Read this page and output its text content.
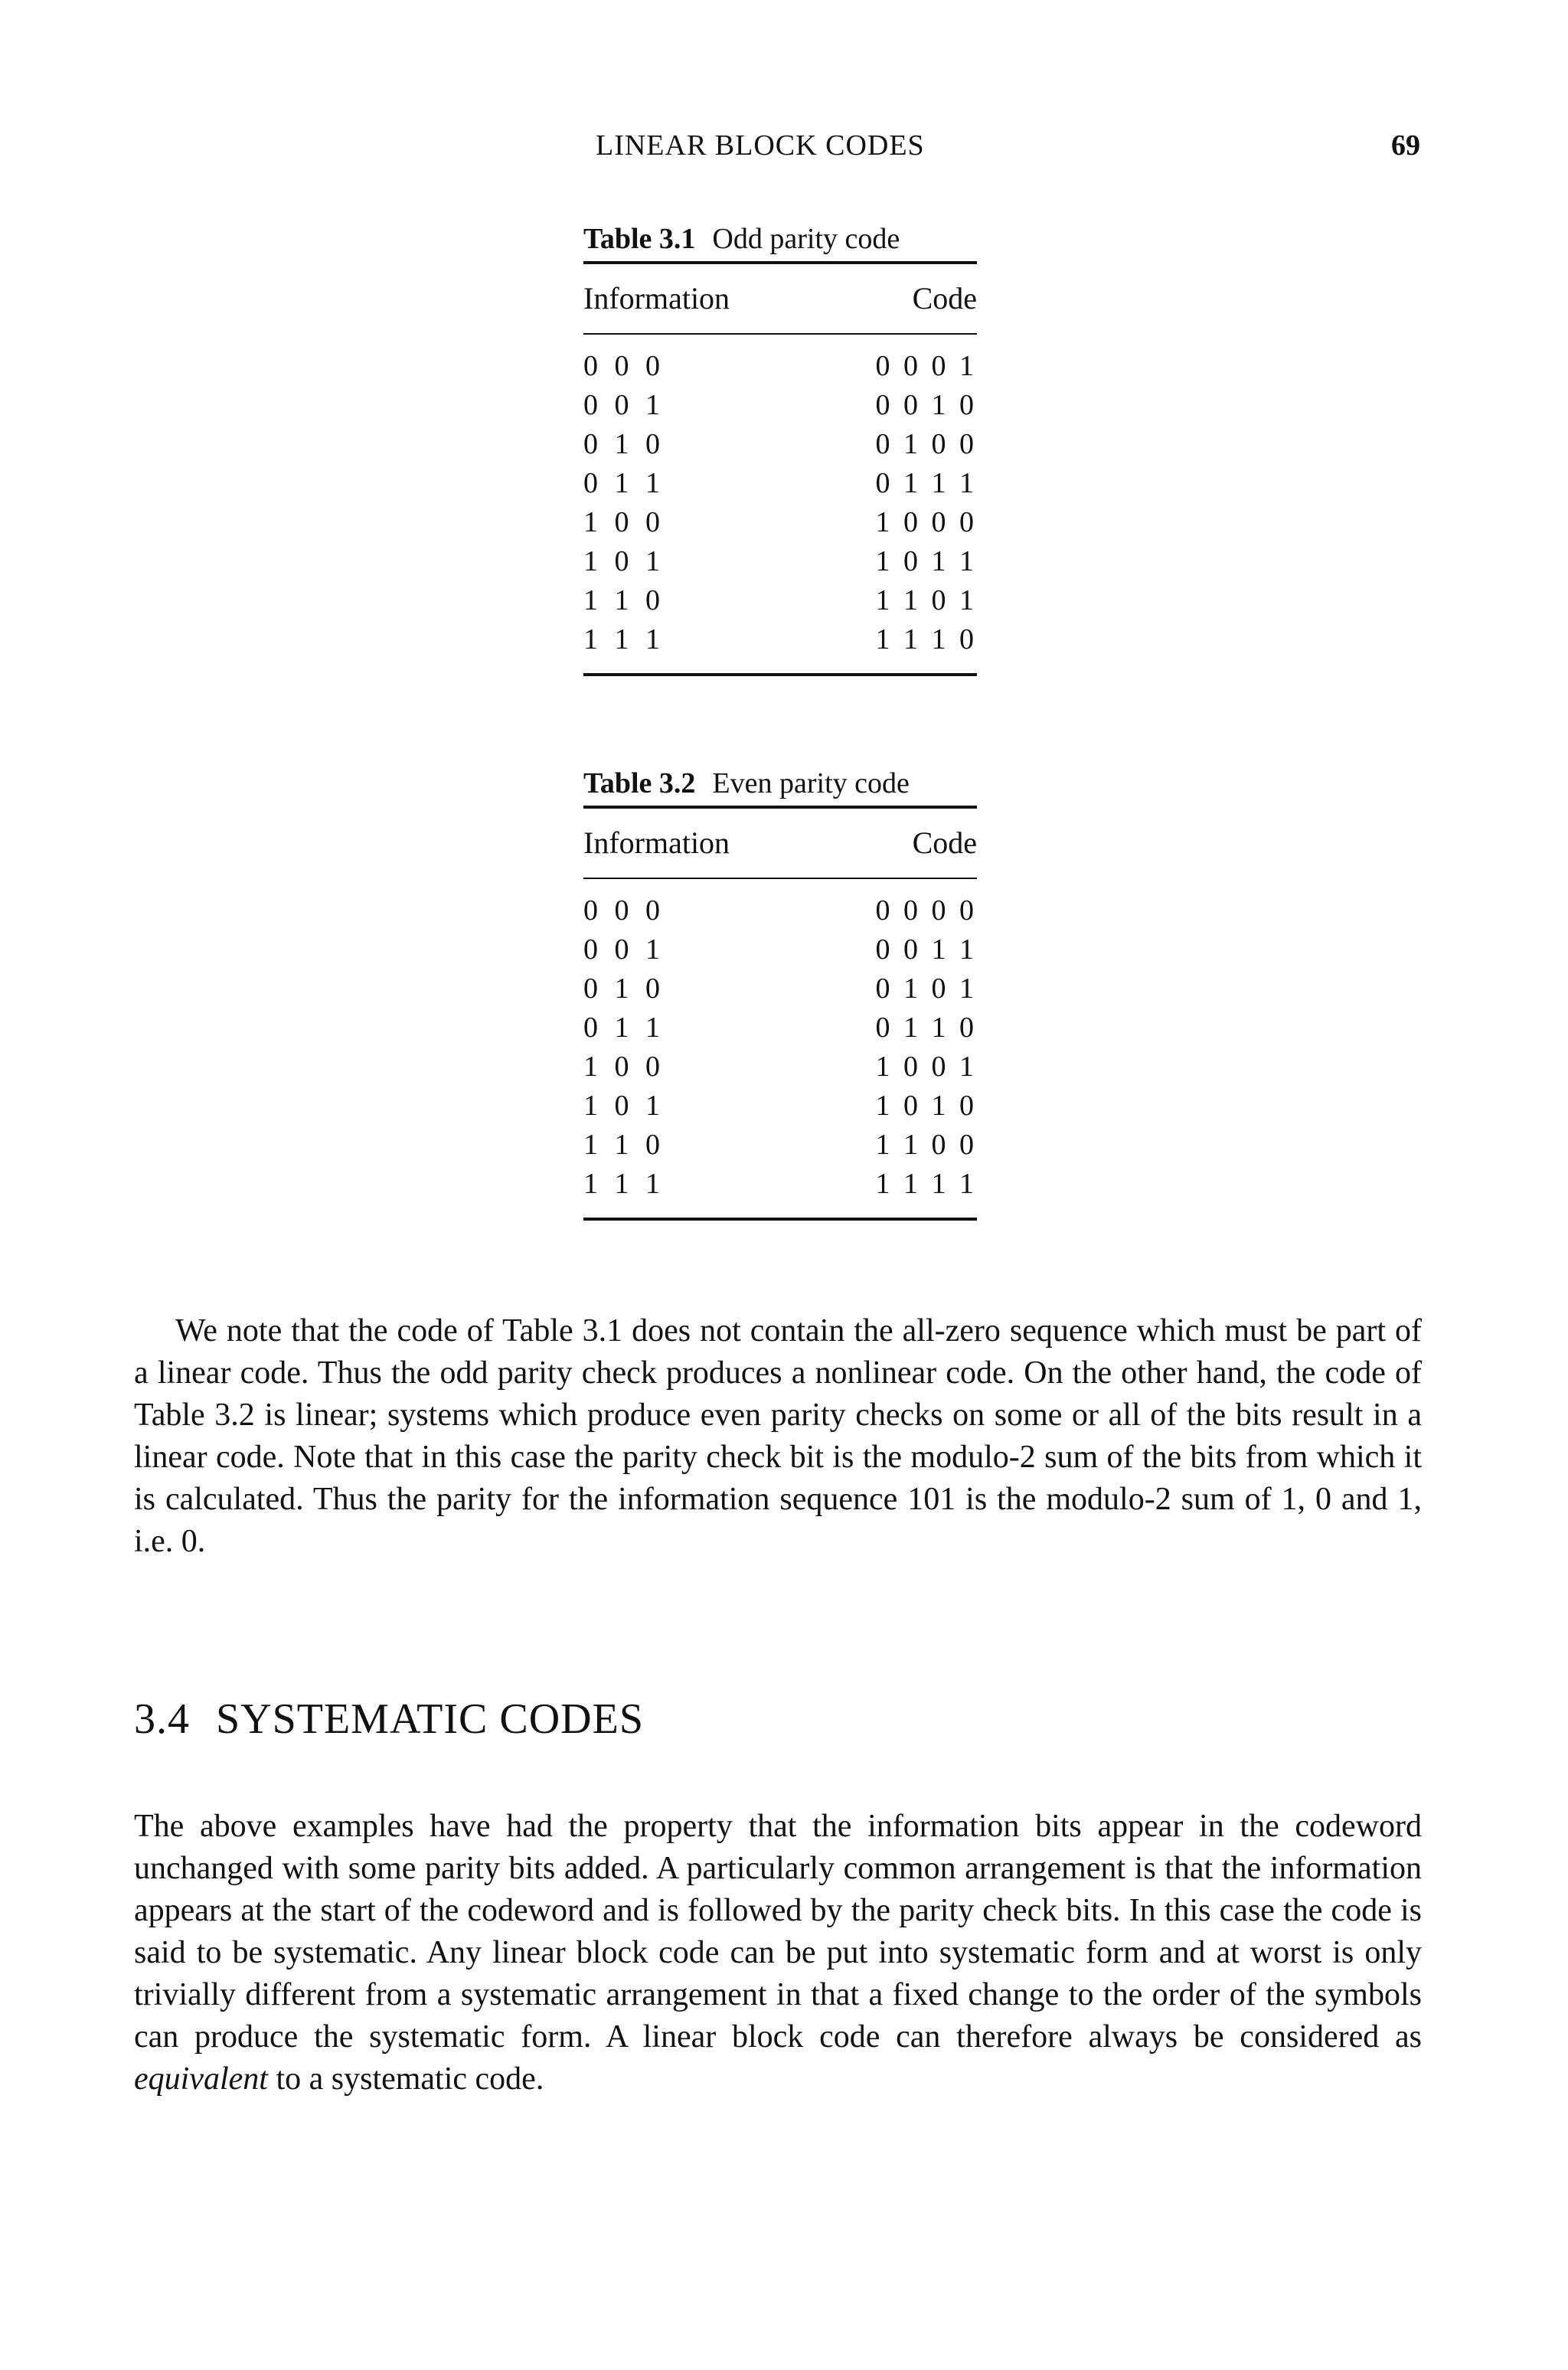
LINEAR BLOCK CODES	69
Table 3.1 Odd parity code
Information	Code
0 0 0	0 0 0 1
0 0 1	0 0 1 0
0 1 0	0 1 0 0
0 1 1	0 1 1 1
1 0 0	1 0 0 0
1 0 1	1 0 1 1
1 1 0	1 1 0 1
1 1 1	1 1 1 0
Table 3.2 Even parity code
Information	Code
0 0 0	0 0 0 0
0 0 1	0 0 1 1
0 1 0	0 1 0 1
0 1 1	0 1 1 0
1 0 0	1 0 0 1
1 0 1	1 0 1 0
1 1 0	1 1 0 0
1 1 1	1 1 1 1

We note that the code of Table 3.1 does not contain the all-zero sequence which must be part of a linear code. Thus the odd parity check produces a nonlinear code. On the other hand, the code of Table 3.2 is linear; systems which produce even parity checks on some or all of the bits result in a linear code. Note that in this case the parity check bit is the modulo-2 sum of the bits from which it is calculated. Thus the parity for the information sequence 101 is the modulo-2 sum of 1, 0 and 1, i.e. 0.

3.4 SYSTEMATIC CODES

The above examples have had the property that the information bits appear in the codeword unchanged with some parity bits added. A particularly common arrangement is that the information appears at the start of the codeword and is followed by the parity check bits. In this case the code is said to be systematic. Any linear block code can be put into systematic form and at worst is only trivially different from a systematic arrangement in that a fixed change to the order of the symbols can produce the systematic form. A linear block code can therefore always be considered as equivalent to a systematic code.
